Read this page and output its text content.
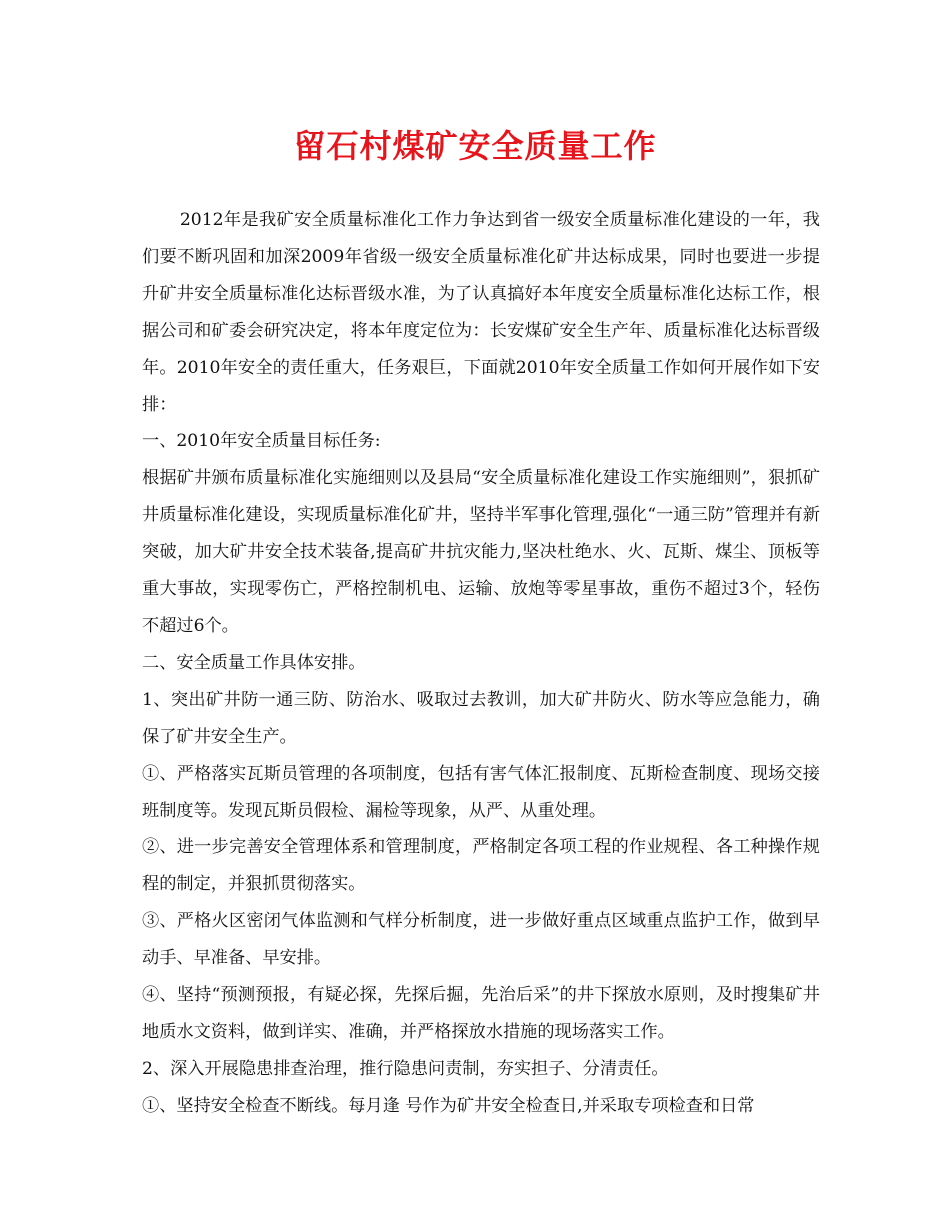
留石村煤矿安全质量工作

2012年是我矿安全质量标准化工作力争达到省一级安全质量标准化建设的一年，我们要不断巩固和加深2009年省级一级安全质量标准化矿井达标成果，同时也要进一步提升矿井安全质量标准化达标晋级水准，为了认真搞好本年度安全质量标准化达标工作，根据公司和矿委会研究决定，将本年度定位为：长安煤矿安全生产年、质量标准化达标晋级年。2010年安全的责任重大，任务艰巨，下面就2010年安全质量工作如何开展作如下安排：

一、2010年安全质量目标任务:

根据矿井颁布质量标准化实施细则以及县局“安全质量标准化建设工作实施细则”，狠抓矿井质量标准化建设，实现质量标准化矿井，坚持半军事化管理,强化“一通三防”管理并有新突破，加大矿井安全技术装备,提高矿井抗灾能力,坚决杜绝水、火、瓦斯、煤尘、顶板等重大事故，实现零伤亡，严格控制机电、运输、放炮等零星事故，重伤不超过3个，轻伤不超过6个。

二、安全质量工作具体安排。

1、突出矿井防一通三防、防治水、吸取过去教训，加大矿井防火、防水等应急能力，确保了矿井安全生产。

①、严格落实瓦斯员管理的各项制度，包括有害气体汇报制度、瓦斯检查制度、现场交接班制度等。发现瓦斯员假检、漏检等现象，从严、从重处理。

②、进一步完善安全管理体系和管理制度，严格制定各项工程的作业规程、各工种操作规程的制定，并狠抓贯彻落实。

③、严格火区密闭气体监测和气样分析制度，进一步做好重点区域重点监护工作，做到早动手、早准备、早安排。

④、坚持“预测预报，有疑必探，先探后掘，先治后采”的井下探放水原则，及时搜集矿井地质水文资料，做到详实、准确，并严格探放水措施的现场落实工作。

2、深入开展隐患排查治理，推行隐患问责制，夯实担子、分清责任。

①、坚持安全检查不断线。每月逢 号作为矿井安全检查日,并采取专项检查和日常
